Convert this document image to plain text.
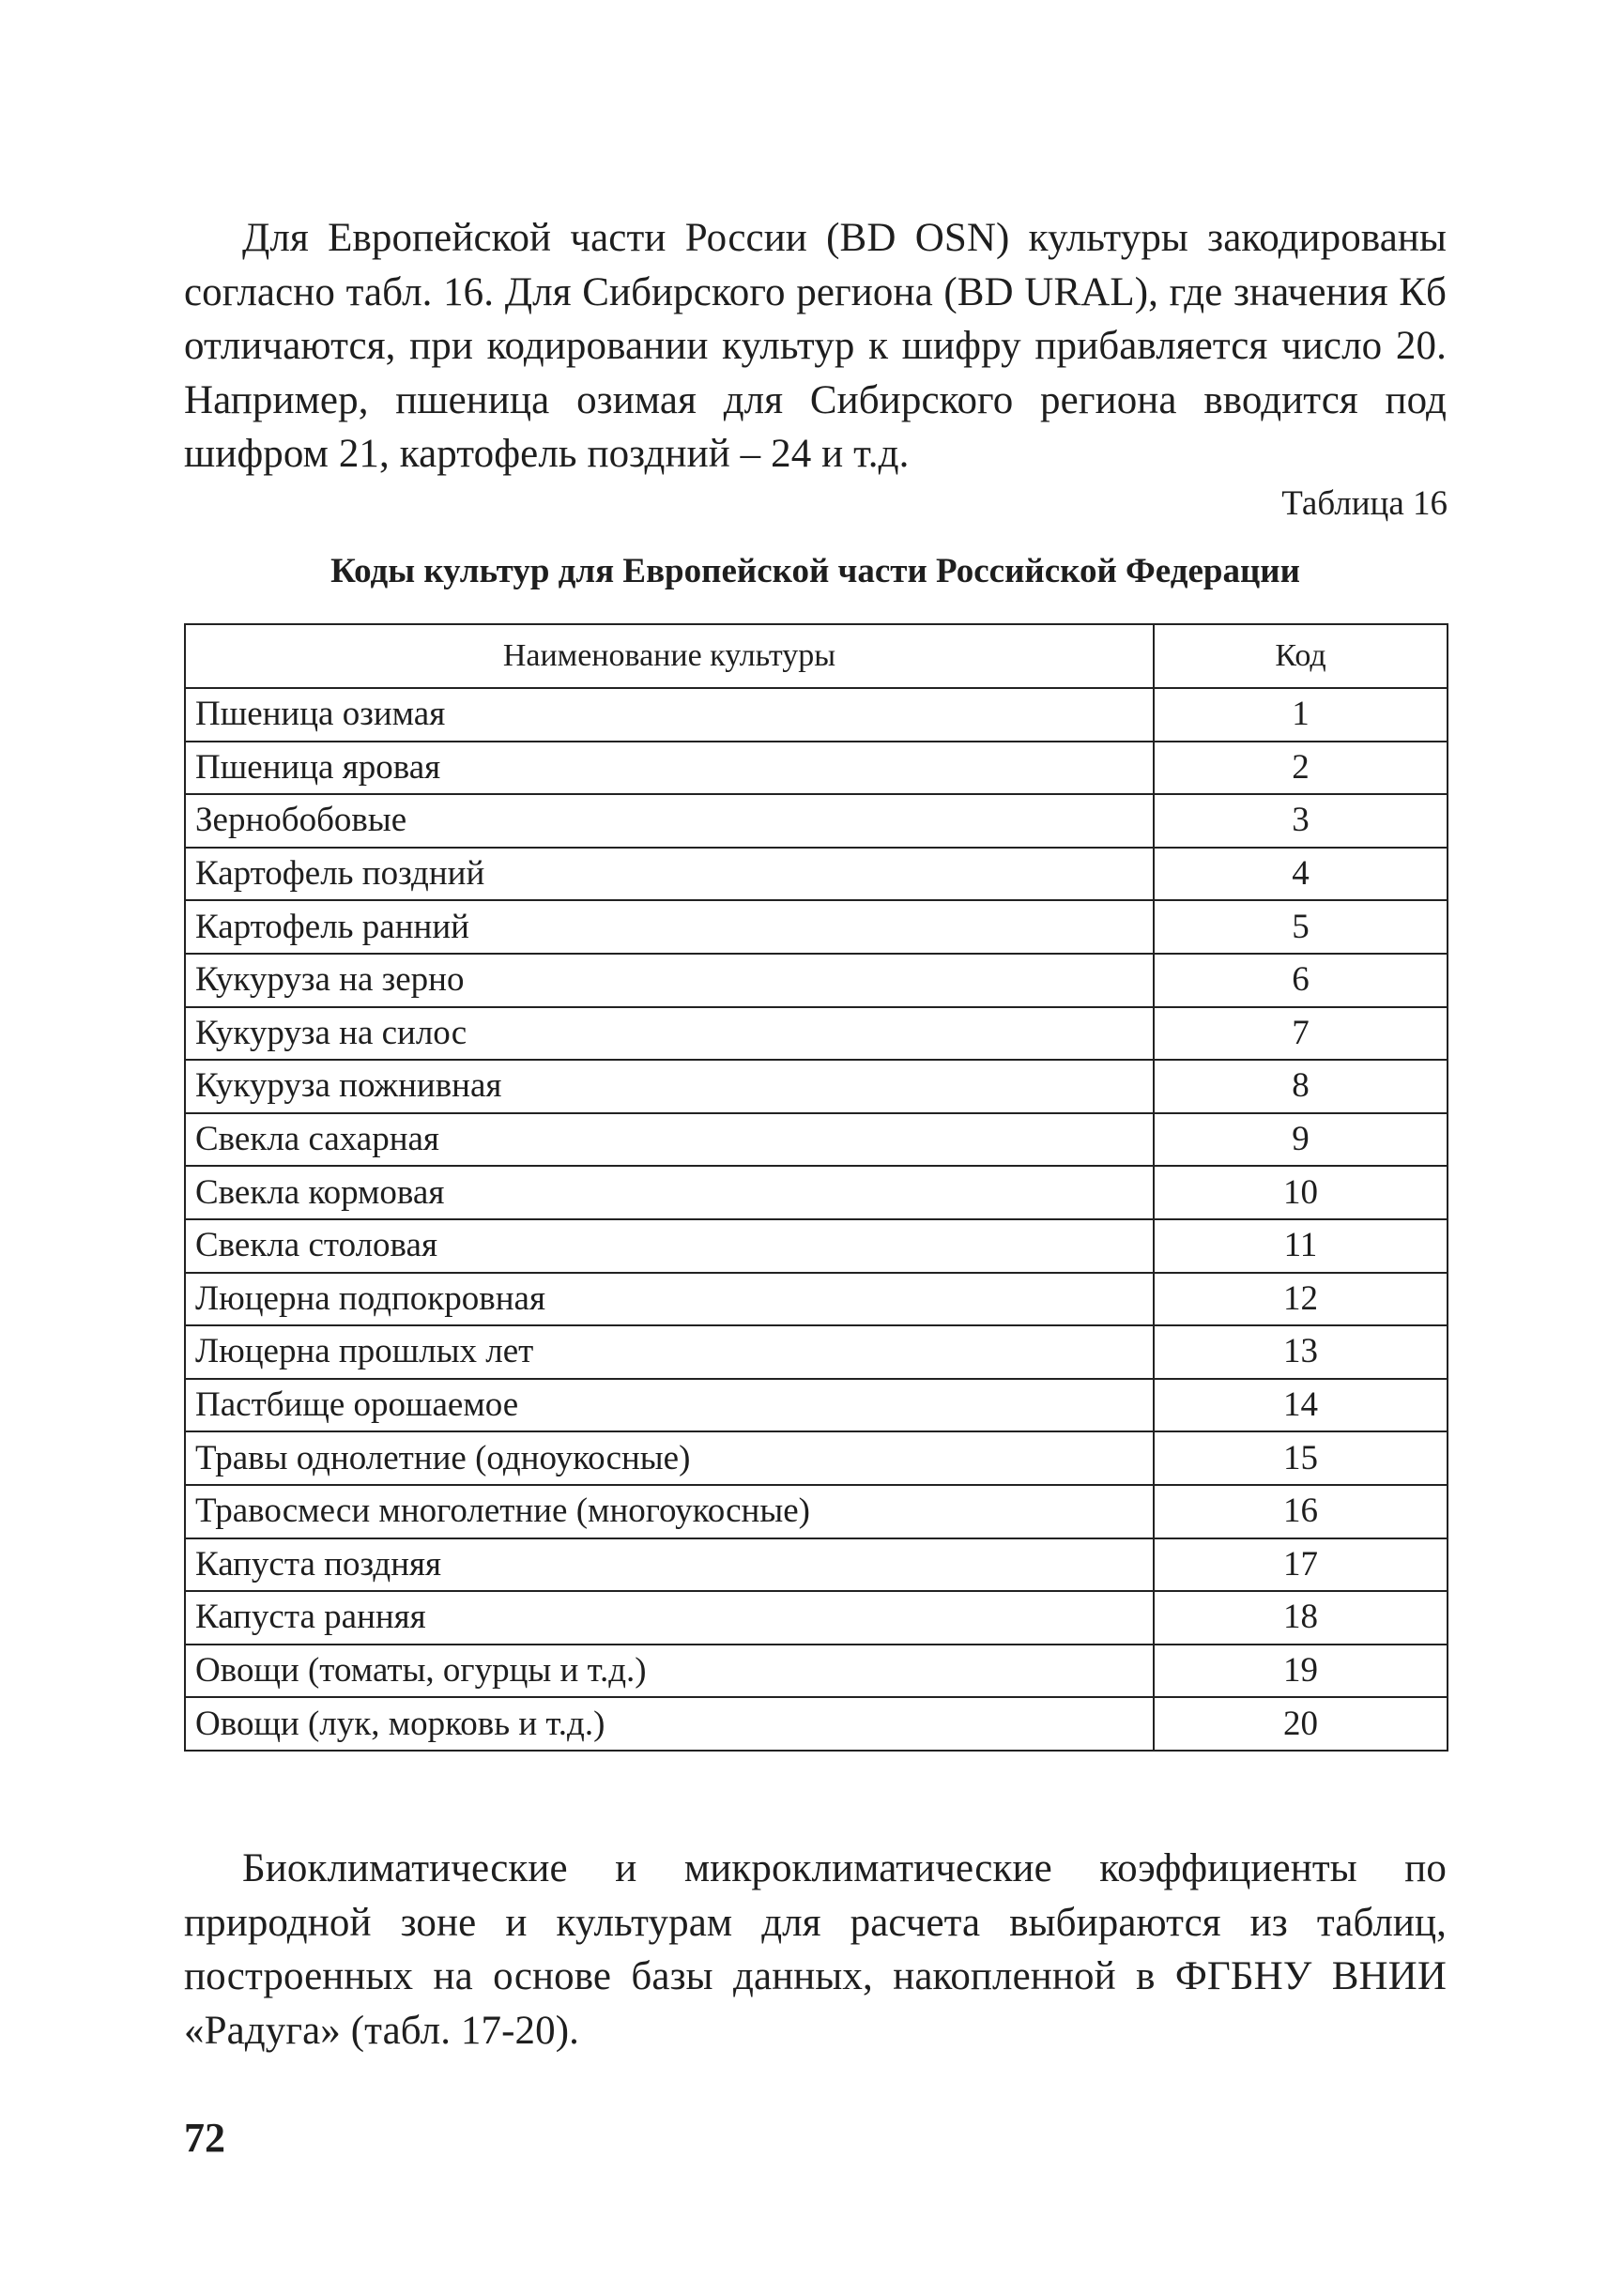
Для Европейской части России (BD OSN) культуры закодированы согласно табл. 16. Для Сибирского региона (BD URAL), где значения Кб отличаются, при кодировании культур к шифру прибавляется число 20. Например, пшеница озимая для Сибирского региона вводится под шифром 21, картофель поздний – 24 и т.д.

Таблица 16

Коды культур для Европейской части Российской Федерации

Наименование культуры	Код
Пшеница озимая	1
Пшеница яровая	2
Зернобобовые	3
Картофель поздний	4
Картофель ранний	5
Кукуруза на зерно	6
Кукуруза на силос	7
Кукуруза пожнивная	8
Свекла сахарная	9
Свекла кормовая	10
Свекла столовая	11
Люцерна подпокровная	12
Люцерна прошлых лет	13
Пастбище орошаемое	14
Травы однолетние (одноукосные)	15
Травосмеси многолетние (многоукосные)	16
Капуста поздняя	17
Капуста ранняя	18
Овощи (томаты, огурцы и т.д.)	19
Овощи (лук, морковь и т.д.)	20

Биоклиматические и микроклиматические коэффициенты по природной зоне и культурам для расчета выбираются из таблиц, построенных на основе базы данных, накопленной в ФГБНУ ВНИИ «Радуга» (табл. 17-20).

72
